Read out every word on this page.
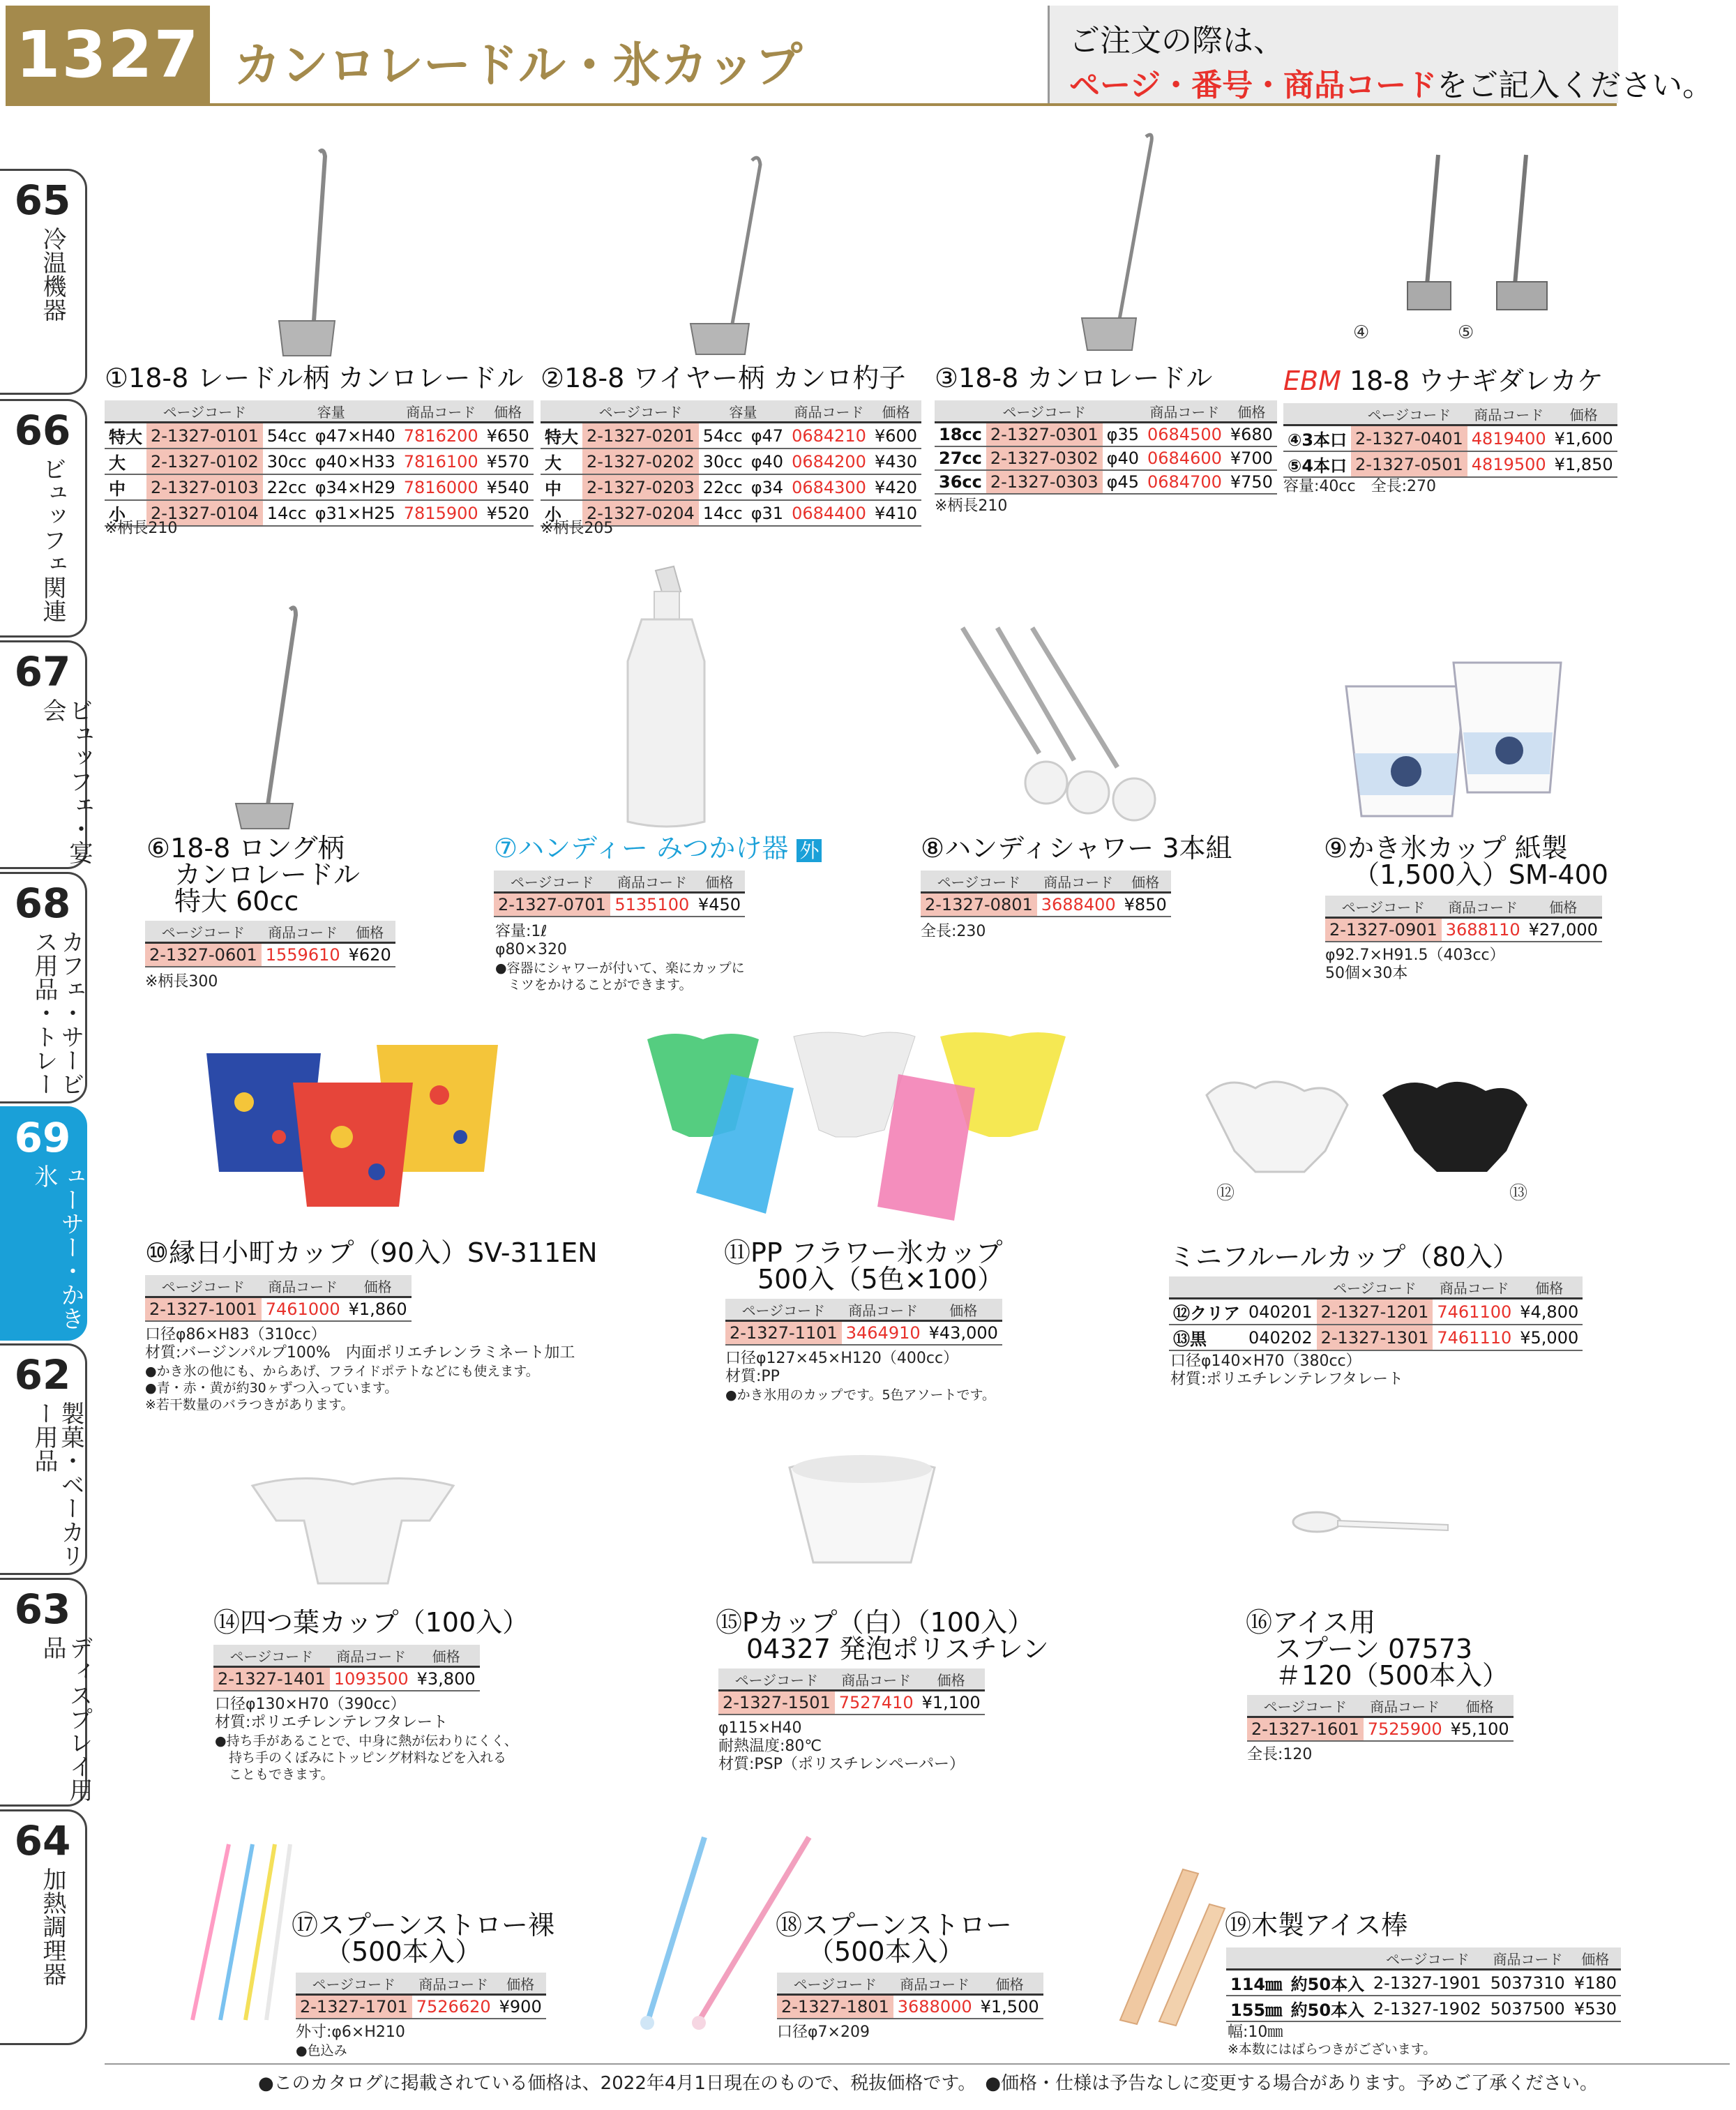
1327 カンロレードル・氷カップ	ご注文の際は、
ページ・番号・商品コードをご記入ください。
65
冷温機器
66
ビュッフェ関連
67
ビュッフェ・宴会
68
カフェ・サービス用品・トレー
69
ブレンダー・ジューサー・かき氷
62
製菓・ベーカリー用品
63
ディスプレイ用品
64
加熱調理器
①18-8 レードル柄 カンロレードル
	ページコード	容量		商品コード	価格
特大	2-1327-0101	54cc	φ47×H40	7816200	¥650
大	2-1327-0102	30cc	φ40×H33	7816100	¥570
中	2-1327-0103	22cc	φ34×H29	7816000	¥540
小	2-1327-0104	14cc	φ31×H25	7815900	¥520
※柄長210
②18-8 ワイヤー柄 カンロ杓子
	ページコード	容量		商品コード	価格
特大	2-1327-0201	54cc	φ47	0684210	¥600
大	2-1327-0202	30cc	φ40	0684200	¥430
中	2-1327-0203	22cc	φ34	0684300	¥420
小	2-1327-0204	14cc	φ31	0684400	¥410
※柄長205
③18-8 カンロレードル
	ページコード		商品コード	価格
18cc	2-1327-0301	φ35	0684500	¥680
27cc	2-1327-0302	φ40	0684600	¥700
36cc	2-1327-0303	φ45	0684700	¥750
※柄長210
④	⑤
EBM 18-8 ウナギダレカケ
	ページコード	商品コード	価格
④3本口	2-1327-0401	4819400	¥1,600
⑤4本口	2-1327-0501	4819500	¥1,850
容量:40cc　全長:270
⑥18-8 ロング柄
カンロレードル
特大 60cc
ページコード	商品コード	価格
2-1327-0601	1559610	¥620
※柄長300
⑦ハンディー みつかけ器 外
ページコード	商品コード	価格
2-1327-0701	5135100	¥450
容量:1ℓ
φ80×320
●容器にシャワーが付いて、楽にカップに
ミツをかけることができます。
⑧ハンディシャワー 3本組
ページコード	商品コード	価格
2-1327-0801	3688400	¥850
全長:230
⑨かき氷カップ 紙製
（1,500入）SM-400
ページコード	商品コード	価格
2-1327-0901	3688110	¥27,000
φ92.7×H91.5（403cc）
50個×30本
⑩縁日小町カップ（90入）SV-311EN
ページコード	商品コード	価格
2-1327-1001	7461000	¥1,860
口径φ86×H83（310cc）
材質:バージンパルプ100%　内面ポリエチレンラミネート加工
●かき氷の他にも、からあげ、フライドポテトなどにも使えます。
●青・赤・黄が約30ヶずつ入っています。
※若干数量のバラつきがあります。
⑪PP フラワー氷カップ
500入（5色×100）
ページコード	商品コード	価格
2-1327-1101	3464910	¥43,000
口径φ127×45×H120（400cc）
材質:PP
●かき氷用のカップです。5色アソートです。
⑫	⑬
ミニフルールカップ（80入）
		ページコード	商品コード	価格
⑫クリア	040201	2-1327-1201	7461100	¥4,800
⑬黒	040202	2-1327-1301	7461110	¥5,000
口径φ140×H70（380cc）
材質:ポリエチレンテレフタレート
⑭四つ葉カップ（100入）
ページコード	商品コード	価格
2-1327-1401	1093500	¥3,800
口径φ130×H70（390cc）
材質:ポリエチレンテレフタレート
●持ち手があることで、中身に熱が伝わりにくく、
持ち手のくぼみにトッピング材料などを入れる
こともできます。
⑮Pカップ（白）（100入）
04327 発泡ポリスチレン
ページコード	商品コード	価格
2-1327-1501	7527410	¥1,100
φ115×H40
耐熱温度:80℃
材質:PSP（ポリスチレンペーパー）
⑯アイス用
スプーン 07573
＃120（500本入）
ページコード	商品コード	価格
2-1327-1601	7525900	¥5,100
全長:120
⑰スプーンストロー裸
（500本入）
ページコード	商品コード	価格
2-1327-1701	7526620	¥900
外寸:φ6×H210
●色込み
⑱スプーンストロー
（500本入）
ページコード	商品コード	価格
2-1327-1801	3688000	¥1,500
口径φ7×209
⑲木製アイス棒
		ページコード	商品コード	価格
114㎜	約50本入	2-1327-1901	5037310	¥180
155㎜	約50本入	2-1327-1902	5037500	¥530
幅:10㎜
※本数にはばらつきがございます。
●このカタログに掲載されている価格は、2022年4月1日現在のもので、税抜価格です。　●価格・仕様は予告なしに変更する場合があります。予めご了承ください。
